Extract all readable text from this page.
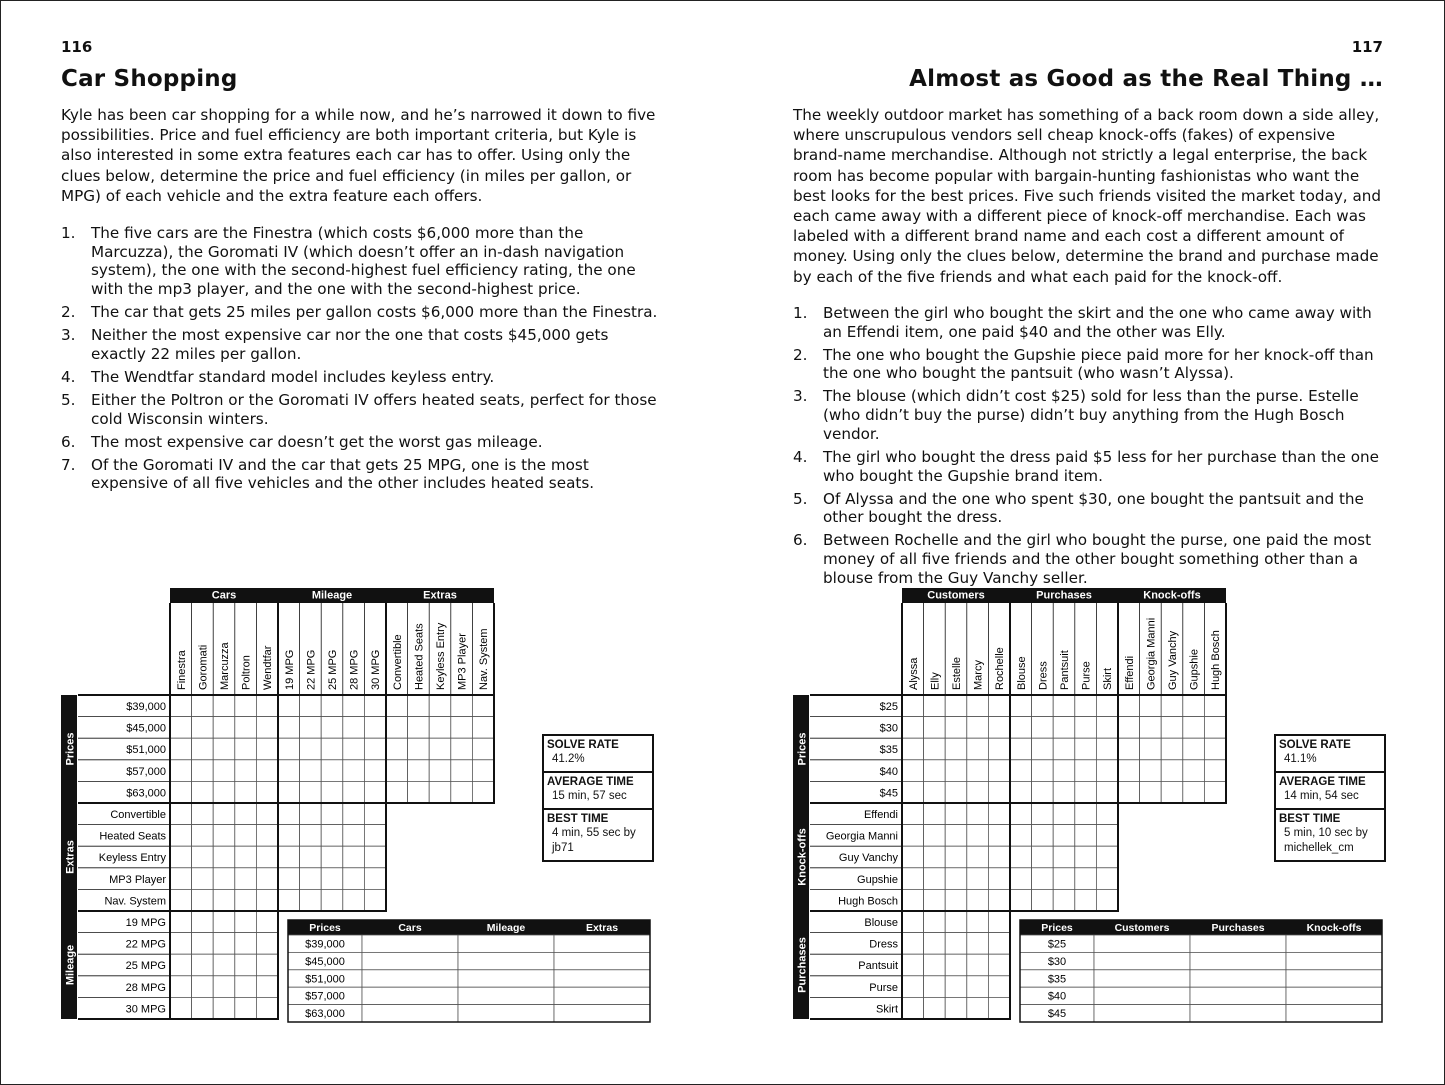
116
Car Shopping
Kyle has been car shopping for a while now, and he’s narrowed it down to five possibilities. Price and fuel efficiency are both important criteria, but Kyle is also interested in some extra features each car has to offer. Using only the clues below, determine the price and fuel efficiency (in miles per gallon, or MPG) of each vehicle and the extra feature each offers.
1.	The five cars are the Finestra (which costs $6,000 more than the Marcuzza), the Goromati IV (which doesn’t offer an in-dash navigation system), the one with the second-highest fuel efficiency rating, the one with the mp3 player, and the one with the second-highest price.
2.	The car that gets 25 miles per gallon costs $6,000 more than the Finestra.
3.	Neither the most expensive car nor the one that costs $45,000 gets exactly 22 miles per gallon.
4.	The Wendtfar standard model includes keyless entry.
5.	Either the Poltron or the Goromati IV offers heated seats, perfect for those cold Wisconsin winters.
6.	The most expensive car doesn’t get the worst gas mileage.
7.	Of the Goromati IV and the car that gets 25 MPG, one is the most expensive of all five vehicles and the other includes heated seats.
Cars
Finestra Goromati Marcuzza Poltron Wendtfar
Mileage
19 MPG 22 MPG 25 MPG 28 MPG 30 MPG
Extras
Convertible Heated Seats Keyless Entry MP3 Player Nav. System
Prices
$39,000
$45,000
$51,000
$57,000
$63,000
Extras
Convertible
Heated Seats
Keyless Entry
MP3 Player
Nav. System
Mileage
19 MPG
22 MPG
25 MPG
28 MPG
30 MPG
Prices	Cars	Mileage	Extras
$39,000
$45,000
$51,000
$57,000
$63,000
SOLVE RATE
41.2%
AVERAGE TIME
15 min, 57 sec
BEST TIME
4 min, 55 sec by jb71
117
Almost as Good as the Real Thing …
The weekly outdoor market has something of a back room down a side alley, where unscrupulous vendors sell cheap knock-offs (fakes) of expensive brand-name merchandise. Although not strictly a legal enterprise, the back room has become popular with bargain-hunting fashionistas who want the best looks for the best prices. Five such friends visited the market today, and each came away with a different piece of knock-off merchandise. Each was labeled with a different brand name and each cost a different amount of money. Using only the clues below, determine the brand and purchase made by each of the five friends and what each paid for the knock-off.
1.	Between the girl who bought the skirt and the one who came away with an Effendi item, one paid $40 and the other was Elly.
2.	The one who bought the Gupshie piece paid more for her knock-off than the one who bought the pantsuit (who wasn’t Alyssa).
3.	The blouse (which didn’t cost $25) sold for less than the purse. Estelle (who didn’t buy the purse) didn’t buy anything from the Hugh Bosch vendor.
4.	The girl who bought the dress paid $5 less for her purchase than the one who bought the Gupshie brand item.
5.	Of Alyssa and the one who spent $30, one bought the pantsuit and the other bought the dress.
6.	Between Rochelle and the girl who bought the purse, one paid the most money of all five friends and the other bought something other than a blouse from the Guy Vanchy seller.
Customers
Alyssa Elly Estelle Marcy Rochelle
Purchases
Blouse Dress Pantsuit Purse Skirt
Knock-offs
Effendi Georgia Manni Guy Vanchy Gupshie Hugh Bosch
Prices
$25
$30
$35
$40
$45
Knock-offs
Effendi
Georgia Manni
Guy Vanchy
Gupshie
Hugh Bosch
Purchases
Blouse
Dress
Pantsuit
Purse
Skirt
Prices	Customers	Purchases	Knock-offs
$25
$30
$35
$40
$45
SOLVE RATE
41.1%
AVERAGE TIME
14 min, 54 sec
BEST TIME
5 min, 10 sec by michellek_cm
